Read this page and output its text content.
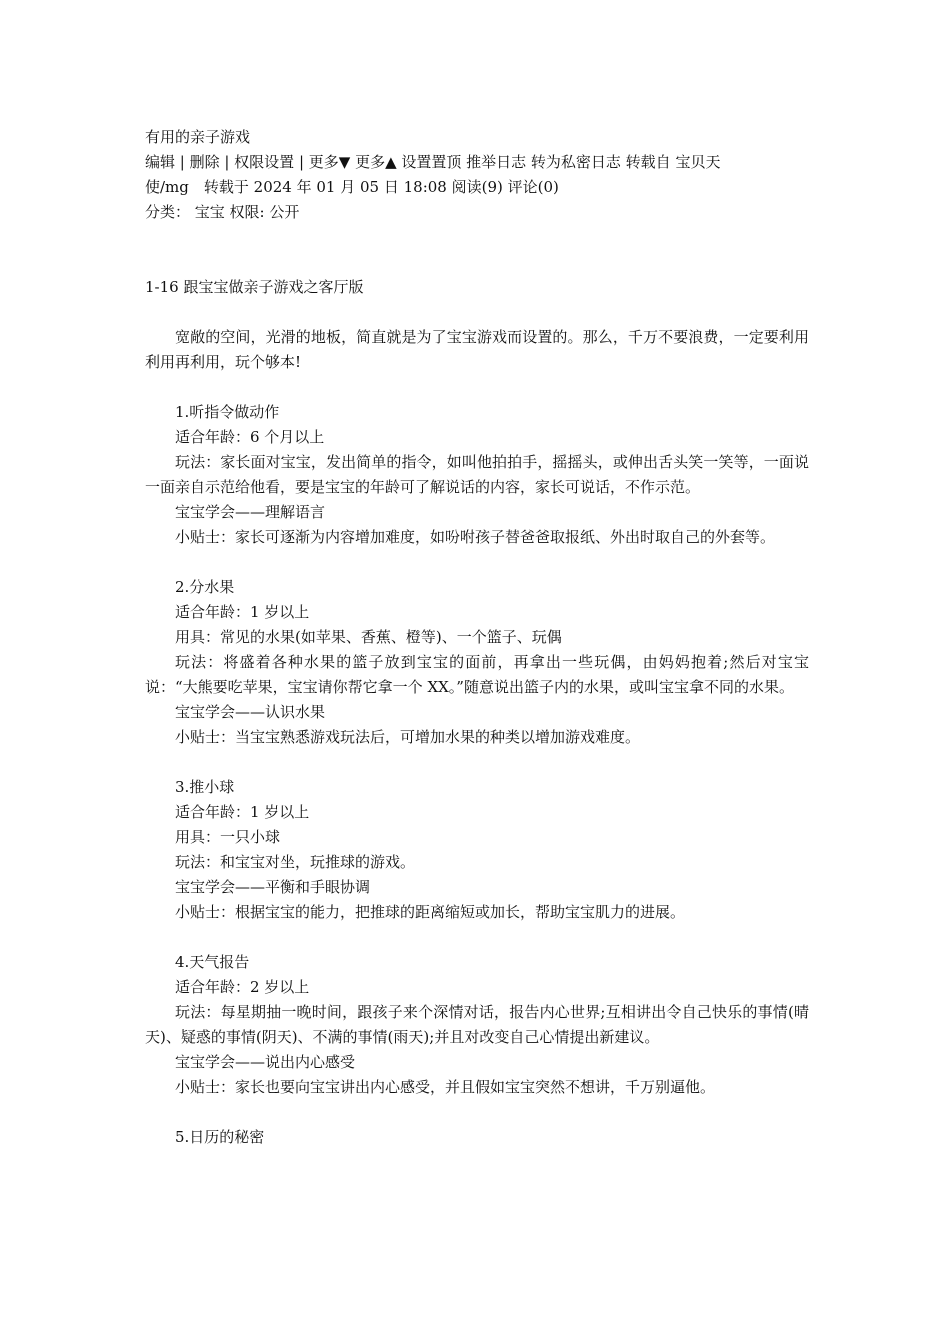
有用的亲子游戏

编辑 | 删除 | 权限设置 | 更多▼ 更多▲ 设置置顶 推举日志 转为私密日志 转载自 宝贝天

使/mg　转载于 2024 年 01 月 05 日 18:08 阅读(9) 评论(0)

分类： 宝宝 权限: 公开

1-16 跟宝宝做亲子游戏之客厅版

宽敞的空间，光滑的地板，简直就是为了宝宝游戏而设置的。那么，千万不要浪费，一定要利用利用再利用，玩个够本!

1.听指令做动作

适合年龄：6 个月以上

玩法：家长面对宝宝，发出简单的指令，如叫他拍拍手，摇摇头，或伸出舌头笑一笑等，一面说一面亲自示范给他看，要是宝宝的年龄可了解说话的内容，家长可说话，不作示范。

宝宝学会——理解语言

小贴士：家长可逐渐为内容增加难度，如吩咐孩子替爸爸取报纸、外出时取自己的外套等。

2.分水果

适合年龄：1 岁以上

用具：常见的水果(如苹果、香蕉、橙等)、一个篮子、玩偶

玩法：将盛着各种水果的篮子放到宝宝的面前，再拿出一些玩偶，由妈妈抱着;然后对宝宝说：“大熊要吃苹果，宝宝请你帮它拿一个 XX。”随意说出篮子内的水果，或叫宝宝拿不同的水果。

宝宝学会——认识水果

小贴士：当宝宝熟悉游戏玩法后，可增加水果的种类以增加游戏难度。

3.推小球

适合年龄：1 岁以上

用具：一只小球

玩法：和宝宝对坐，玩推球的游戏。

宝宝学会——平衡和手眼协调

小贴士：根据宝宝的能力，把推球的距离缩短或加长，帮助宝宝肌力的进展。

4.天气报告

适合年龄：2 岁以上

玩法：每星期抽一晚时间，跟孩子来个深情对话，报告内心世界;互相讲出令自己快乐的事情(晴天)、疑惑的事情(阴天)、不满的事情(雨天);并且对改变自己心情提出新建议。

宝宝学会——说出内心感受

小贴士：家长也要向宝宝讲出内心感受，并且假如宝宝突然不想讲，千万别逼他。

5.日历的秘密
